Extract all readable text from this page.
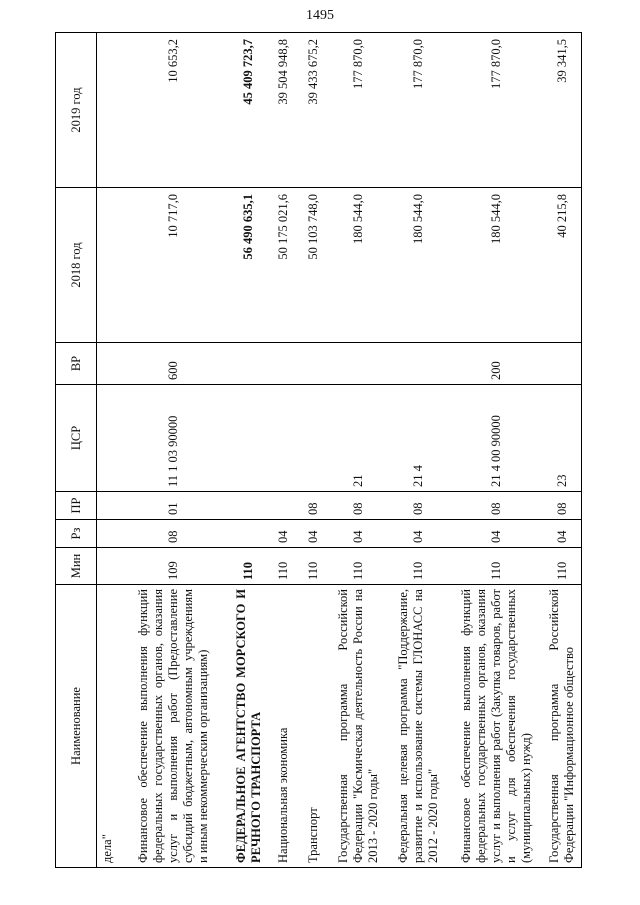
1495
Наименование	Мин	Рз	ПР	ЦСР	ВР	2018 год	2019 год
дела"							
Финансовое обеспечение выполнения функций федеральных государственных органов, оказания услуг и выполнения работ (Предоставление субсидий бюджетным, автономным учреждениям и иным некоммерческим организациям)	109	08	01	11 1 03 90000	600	10 717,0	10 653,2
ФЕДЕРАЛЬНОЕ АГЕНТСТВО МОРСКОГО И РЕЧНОГО ТРАНСПОРТА	110					56 490 635,1	45 409 723,7
Национальная экономика	110	04				50 175 021,6	39 504 948,8
Транспорт	110	04	08			50 103 748,0	39 433 675,2
Государственная программа Российской Федерации "Космическая деятельность России на 2013 - 2020 годы"	110	04	08	21		180 544,0	177 870,0
Федеральная целевая программа "Поддержание, развитие и использование системы ГЛОНАСС на 2012 - 2020 годы"	110	04	08	21 4		180 544,0	177 870,0
Финансовое обеспечение выполнения функций федеральных государственных органов, оказания услуг и выполнения работ (Закупка товаров, работ и услуг для обеспечения государственных (муниципальных) нужд)	110	04	08	21 4 00 90000	200	180 544,0	177 870,0
Государственная программа Российской Федерации "Информационное общество	110	04	08	23		40 215,8	39 341,5
